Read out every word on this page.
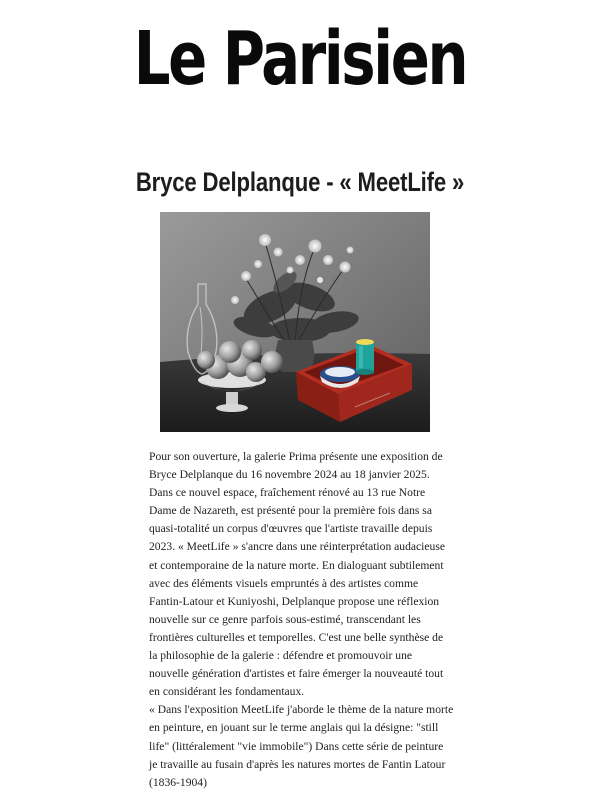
Le Parisien
Bryce Delplanque - « MeetLife »

Pour son ouverture, la galerie Prima présente une exposition de Bryce Delplanque du 16 novembre 2024 au 18 janvier 2025. Dans ce nouvel espace, fraîchement rénové au 13 rue Notre Dame de Nazareth, est présenté pour la première fois dans sa quasi-totalité un corpus d'œuvres que l'artiste travaille depuis 2023. « MeetLife » s'ancre dans une réinterprétation audacieuse et contemporaine de la nature morte. En dialoguant subtilement avec des éléments visuels empruntés à des artistes comme Fantin-Latour et Kuniyoshi, Delplanque propose une réflexion nouvelle sur ce genre parfois sous-estimé, transcendant les frontières culturelles et temporelles. C'est une belle synthèse de la philosophie de la galerie : défendre et promouvoir une nouvelle génération d'artistes et faire émerger la nouveauté tout en considérant les fondamentaux.

« Dans l'exposition MeetLife j'aborde le thème de la nature morte en peinture, en jouant sur le terme anglais qui la désigne: "still life" (littéralement "vie immobile") Dans cette série de peinture je travaille au fusain d'après les natures mortes de Fantin Latour (1836-1904)
